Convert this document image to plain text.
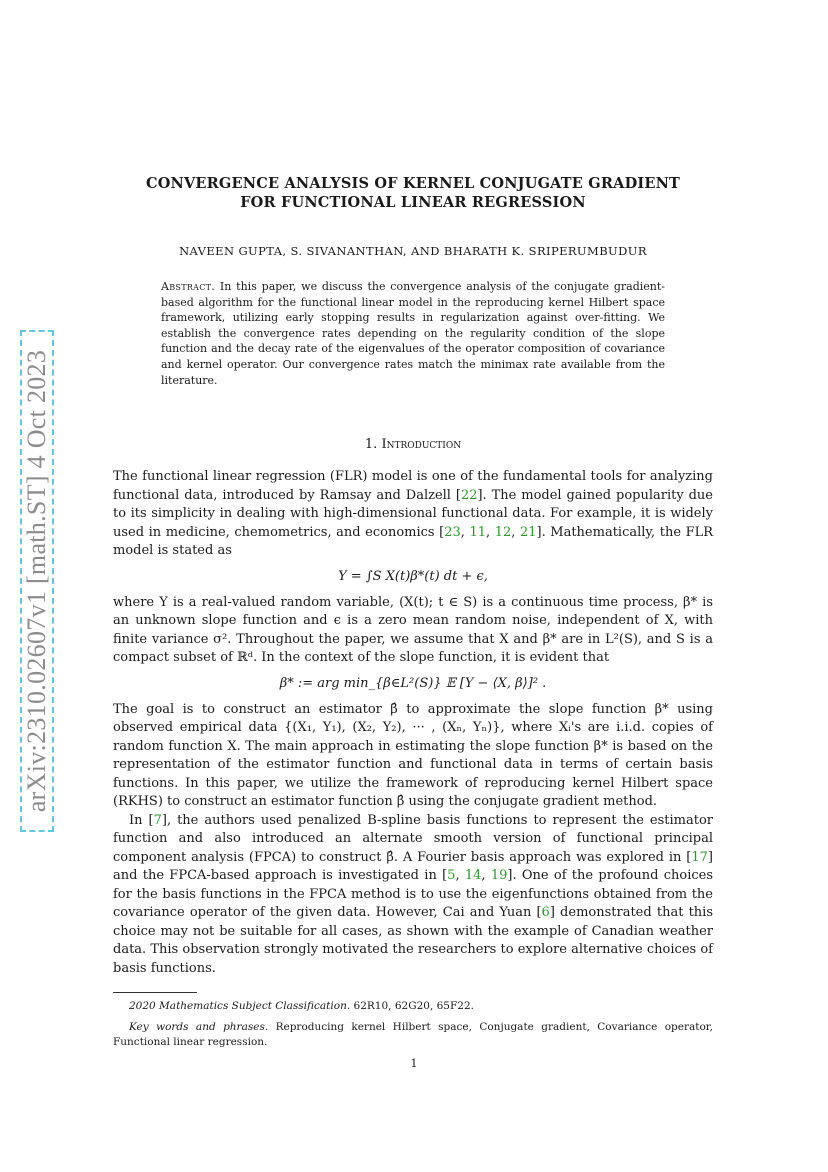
arXiv:2310.02607v1 [math.ST] 4 Oct 2023
CONVERGENCE ANALYSIS OF KERNEL CONJUGATE GRADIENT
FOR FUNCTIONAL LINEAR REGRESSION
NAVEEN GUPTA, S. SIVANANTHAN, AND BHARATH K. SRIPERUMBUDUR
Abstract. In this paper, we discuss the convergence analysis of the conjugate gradient-based algorithm for the functional linear model in the reproducing kernel Hilbert space framework, utilizing early stopping results in regularization against over-fitting. We establish the convergence rates depending on the regularity condition of the slope function and the decay rate of the eigenvalues of the operator composition of covariance and kernel operator. Our convergence rates match the minimax rate available from the literature.
1. Introduction

The functional linear regression (FLR) model is one of the fundamental tools for analyzing functional data, introduced by Ramsay and Dalzell [22]. The model gained popularity due to its simplicity in dealing with high-dimensional functional data. For example, it is widely used in medicine, chemometrics, and economics [23, 11, 12, 21]. Mathematically, the FLR model is stated as

Y = ∫S X(t)β*(t) dt + ϵ,

where Y is a real-valued random variable, (X(t); t ∈ S) is a continuous time process, β* is an unknown slope function and ϵ is a zero mean random noise, independent of X, with finite variance σ². Throughout the paper, we assume that X and β* are in L²(S), and S is a compact subset of ℝᵈ. In the context of the slope function, it is evident that

β* := arg min_{β∈L²(S)} 𝔼 [Y − ⟨X, β⟩]² .

The goal is to construct an estimator β̂ to approximate the slope function β* using observed empirical data {(X₁, Y₁), (X₂, Y₂), ··· , (Xₙ, Yₙ)}, where Xᵢ's are i.i.d. copies of random function X. The main approach in estimating the slope function β* is based on the representation of the estimator function and functional data in terms of certain basis functions. In this paper, we utilize the framework of reproducing kernel Hilbert space (RKHS) to construct an estimator function β̂ using the conjugate gradient method.

In [7], the authors used penalized B-spline basis functions to represent the estimator function and also introduced an alternate smooth version of functional principal component analysis (FPCA) to construct β̂. A Fourier basis approach was explored in [17] and the FPCA-based approach is investigated in [5, 14, 19]. One of the profound choices for the basis functions in the FPCA method is to use the eigenfunctions obtained from the covariance operator of the given data. However, Cai and Yuan [6] demonstrated that this choice may not be suitable for all cases, as shown with the example of Canadian weather data. This observation strongly motivated the researchers to explore alternative choices of basis functions.

2020 Mathematics Subject Classification. 62R10, 62G20, 65F22.

Key words and phrases. Reproducing kernel Hilbert space, Conjugate gradient, Covariance operator, Functional linear regression.

1
